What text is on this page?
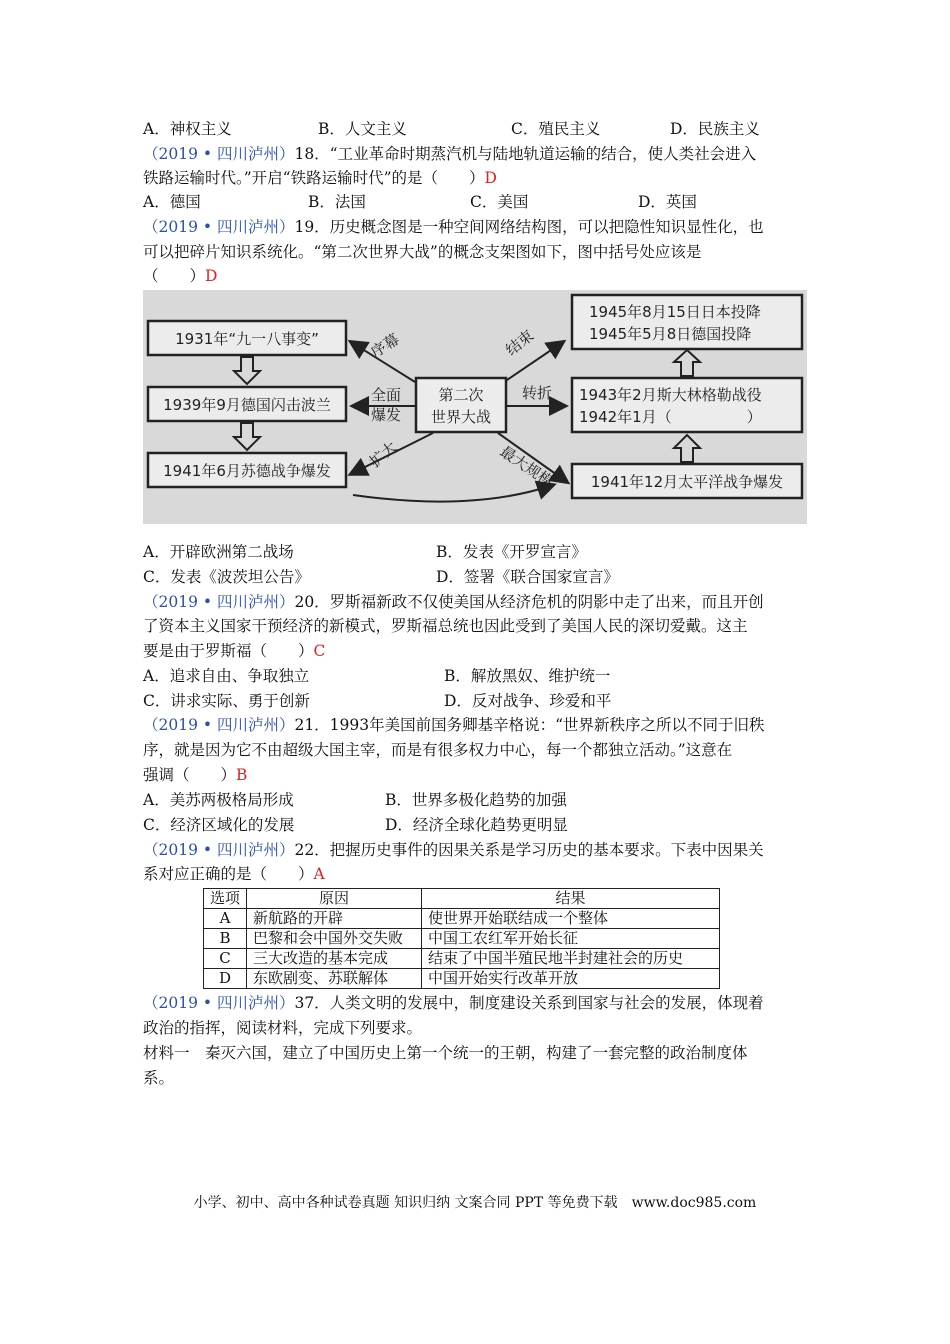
A．神权主义	B．人文主义	C．殖民主义	D．民族主义
（2019 • 四川泸州）18．“工业革命时期蒸汽机与陆地轨道运输的结合，使人类社会进入
铁路运输时代。”开启“铁路运输时代”的是（　　）D
A．德国	B．法国	C．美国	D．英国
（2019 • 四川泸州）19．历史概念图是一种空间网络结构图，可以把隐性知识显性化，也
可以把碎片知识系统化。“第二次世界大战”的概念支架图如下，图中括号处应该是
（　　）D
1931年“九一八事变”
1939年9月德国闪击波兰
1941年6月苏德战争爆发
第二次
世界大战
序幕
全面
爆发
扩大
结束
转折
最大规模
1945年8月15日日本投降
1945年5月8日德国投降
1943年2月斯大林格勒战役
1942年1月（　　　　　）
1941年12月太平洋战争爆发
A．开辟欧洲第二战场	B．发表《开罗宣言》
C．发表《波茨坦公告》	D．签署《联合国家宣言》
（2019 • 四川泸州）20．罗斯福新政不仅使美国从经济危机的阴影中走了出来，而且开创
了资本主义国家干预经济的新模式，罗斯福总统也因此受到了美国人民的深切爱戴。这主
要是由于罗斯福（　　）C
A．追求自由、争取独立	B．解放黑奴、维护统一
C．讲求实际、勇于创新	D．反对战争、珍爱和平
（2019 • 四川泸州）21．1993年美国前国务卿基辛格说：“世界新秩序之所以不同于旧秩
序，就是因为它不由超级大国主宰，而是有很多权力中心，每一个都独立活动。”这意在
强调（　　）B
A．美苏两极格局形成	B．世界多极化趋势的加强
C．经济区域化的发展	D．经济全球化趋势更明显
（2019 • 四川泸州）22．把握历史事件的因果关系是学习历史的基本要求。下表中因果关
系对应正确的是（　　）A
选项	原因	结果
A	新航路的开辟	使世界开始联结成一个整体
B	巴黎和会中国外交失败	中国工农红军开始长征
C	三大改造的基本完成	结束了中国半殖民地半封建社会的历史
D	东欧剧变、苏联解体	中国开始实行改革开放
（2019 • 四川泸州）37．人类文明的发展中，制度建设关系到国家与社会的发展，体现着
政治的指挥，阅读材料，完成下列要求。
材料一　秦灭六国，建立了中国历史上第一个统一的王朝，构建了一套完整的政治制度体
系。
小学、初中、高中各种试卷真题 知识归纳 文案合同 PPT 等免费下载　www.doc985.com
